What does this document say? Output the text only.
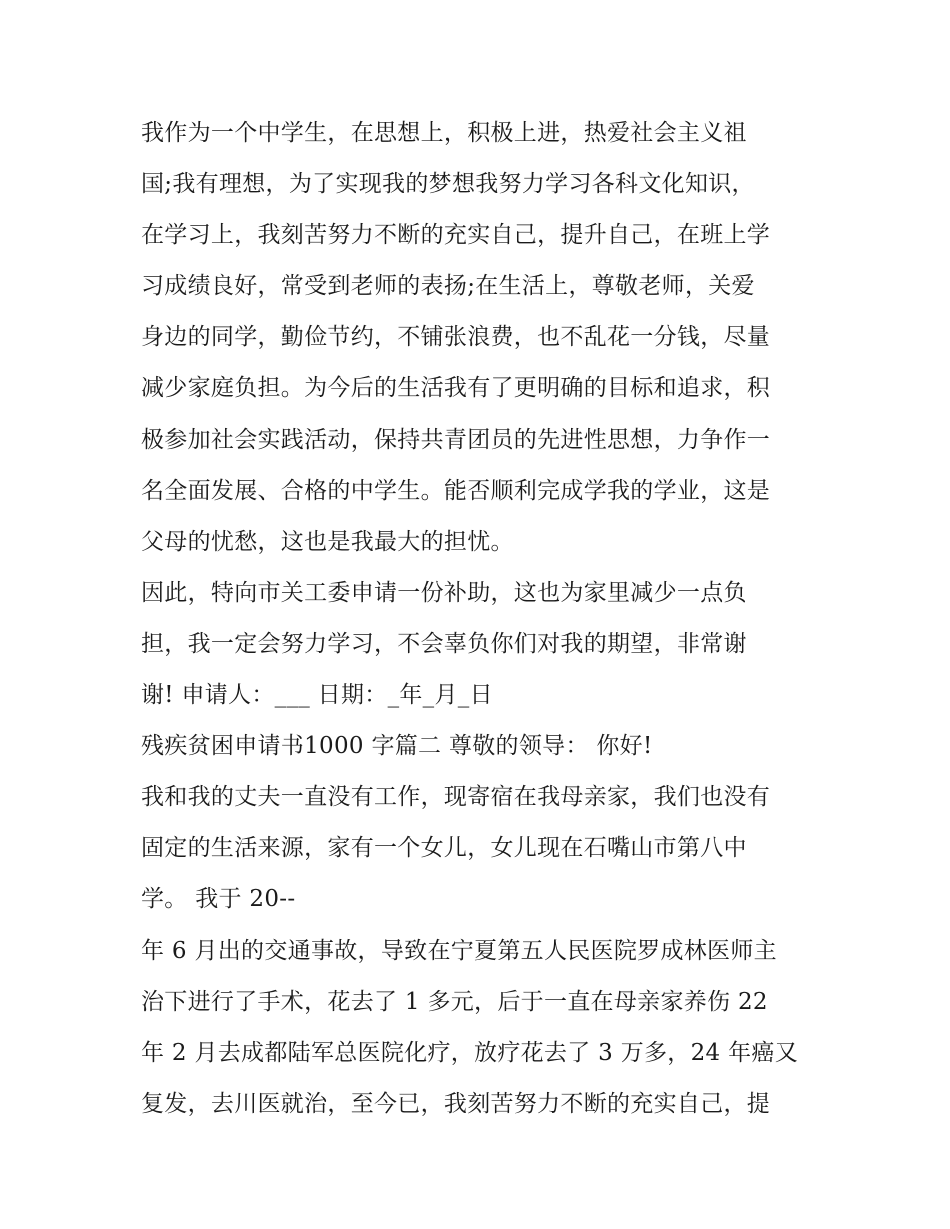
我作为一个中学生，在思想上，积极上进，热爱社会主义祖
国;我有理想，为了实现我的梦想我努力学习各科文化知识，
在学习上，我刻苦努力不断的充实自己，提升自己，在班上学
习成绩良好，常受到老师的表扬;在生活上，尊敬老师，关爱
身边的同学，勤俭节约，不铺张浪费，也不乱花一分钱，尽量
减少家庭负担。为今后的生活我有了更明确的目标和追求，积
极参加社会实践活动，保持共青团员的先进性思想，力争作一
名全面发展、合格的中学生。能否顺利完成学我的学业，这是
父母的忧愁，这也是我最大的担忧。
因此，特向市关工委申请一份补助，这也为家里减少一点负
担，我一定会努力学习，不会辜负你们对我的期望，非常谢
谢! 申请人：___ 日期：_年_月_日
残疾贫困申请书1000 字篇二 尊敬的领导： 你好!
我和我的丈夫一直没有工作，现寄宿在我母亲家，我们也没有
固定的生活来源，家有一个女儿，女儿现在石嘴山市第八中
学。 我于 20--
年 6 月出的交通事故，导致在宁夏第五人民医院罗成林医师主
治下进行了手术，花去了 1 多元，后于一直在母亲家养伤 22
年 2 月去成都陆军总医院化疗，放疗花去了 3 万多，24 年癌又
复发，去川医就治，至今已，我刻苦努力不断的充实自己，提
